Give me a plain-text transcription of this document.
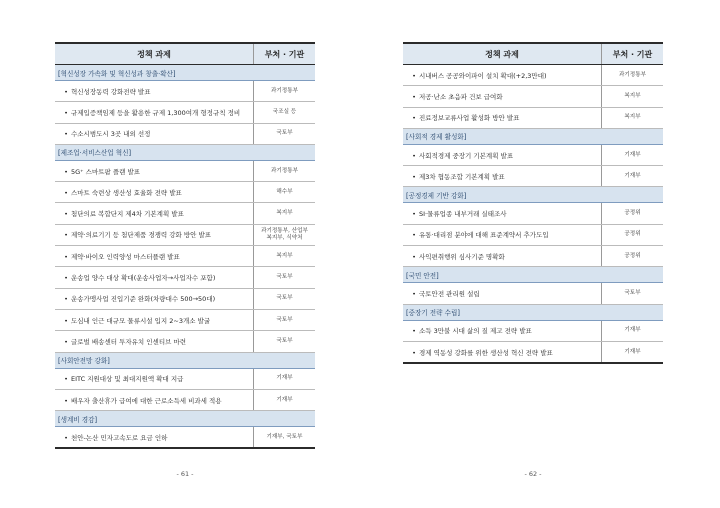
정책 과제	부처 · 기관
[혁신성장 가속화 및 혁신성과 창출·확산]	
• 혁신성장동력 강화전략 발표	과기정통부
• 규제입증책임제 등을 활용한 규제 1,300여개 형정규칙 정비	국조실 등
• 수소시범도시 3곳 내외 선정	국토부
[제조업·서비스산업 혁신]	
• 5G⁺ 스마트팜 플랜 발표	과기정통부
• 스마트 숙련상 생산성 효율화 전략 발표	해수부
• 첨단의료 복합단지 제4차 기본계획 발표	복지부
• 제약·의료기기 등 첨단제품 경쟁력 강화 방안 발표	과기정통부, 산업부
복지부, 식약처
• 제약·바이오 인력양성 마스터플랜 발표	복지부
• 운송업 양수 대상 확대(운송사업자→사업자수 포함)	국토부
• 운송가맹사업 진입기준 완화(차량대수 500→50대)	국토부
• 도심내 인근 대규모 물류시설 입지 2~3개소 발굴	국토부
• 글로벌 배송센터 투자유치 인센티브 마련	국토부
[사회안전망 강화]	
• EITC 지원대상 및 최대지원액 확대 지급	기재부
• 배우자 출산휴가 급여에 대한 근로소득세 비과세 적용	기재부
[생계비 경감]	
• 천안-논산 민자고속도로 요금 인하	기재부, 국토부
- 61 -
정책 과제	부처 · 기관
• 시내버스 공공와이파이 설치 확대(+2,3만대)	과기정통부
• 저공·난소 초음파 건보 급여화	복지부
• 진료정보교류사업 활성화 방안 발표	복지부
[사회적 경제 활성화]	
• 사회적경제 중장기 기본계획 발표	기재부
• 제3차 협동조합 기본계획 발표	기재부
[공정경제 기반 강화]	
• SI·물류업종 내부거래 실태조사	공정위
• 유통·대리점 분야에 대해 표준계약서 추가도입	공정위
• 사익편취행위 심사기준 명확화	공정위
[국민 안전]	
• 국토안전 관리원 설립	국토부
[중장기 전략 수립]	
• 소득 3만불 시대 삶의 질 제고 전략 발표	기재부
• 경제 역동성 강화를 위한 생산성 혁신 전략 발표	기재부
- 62 -
